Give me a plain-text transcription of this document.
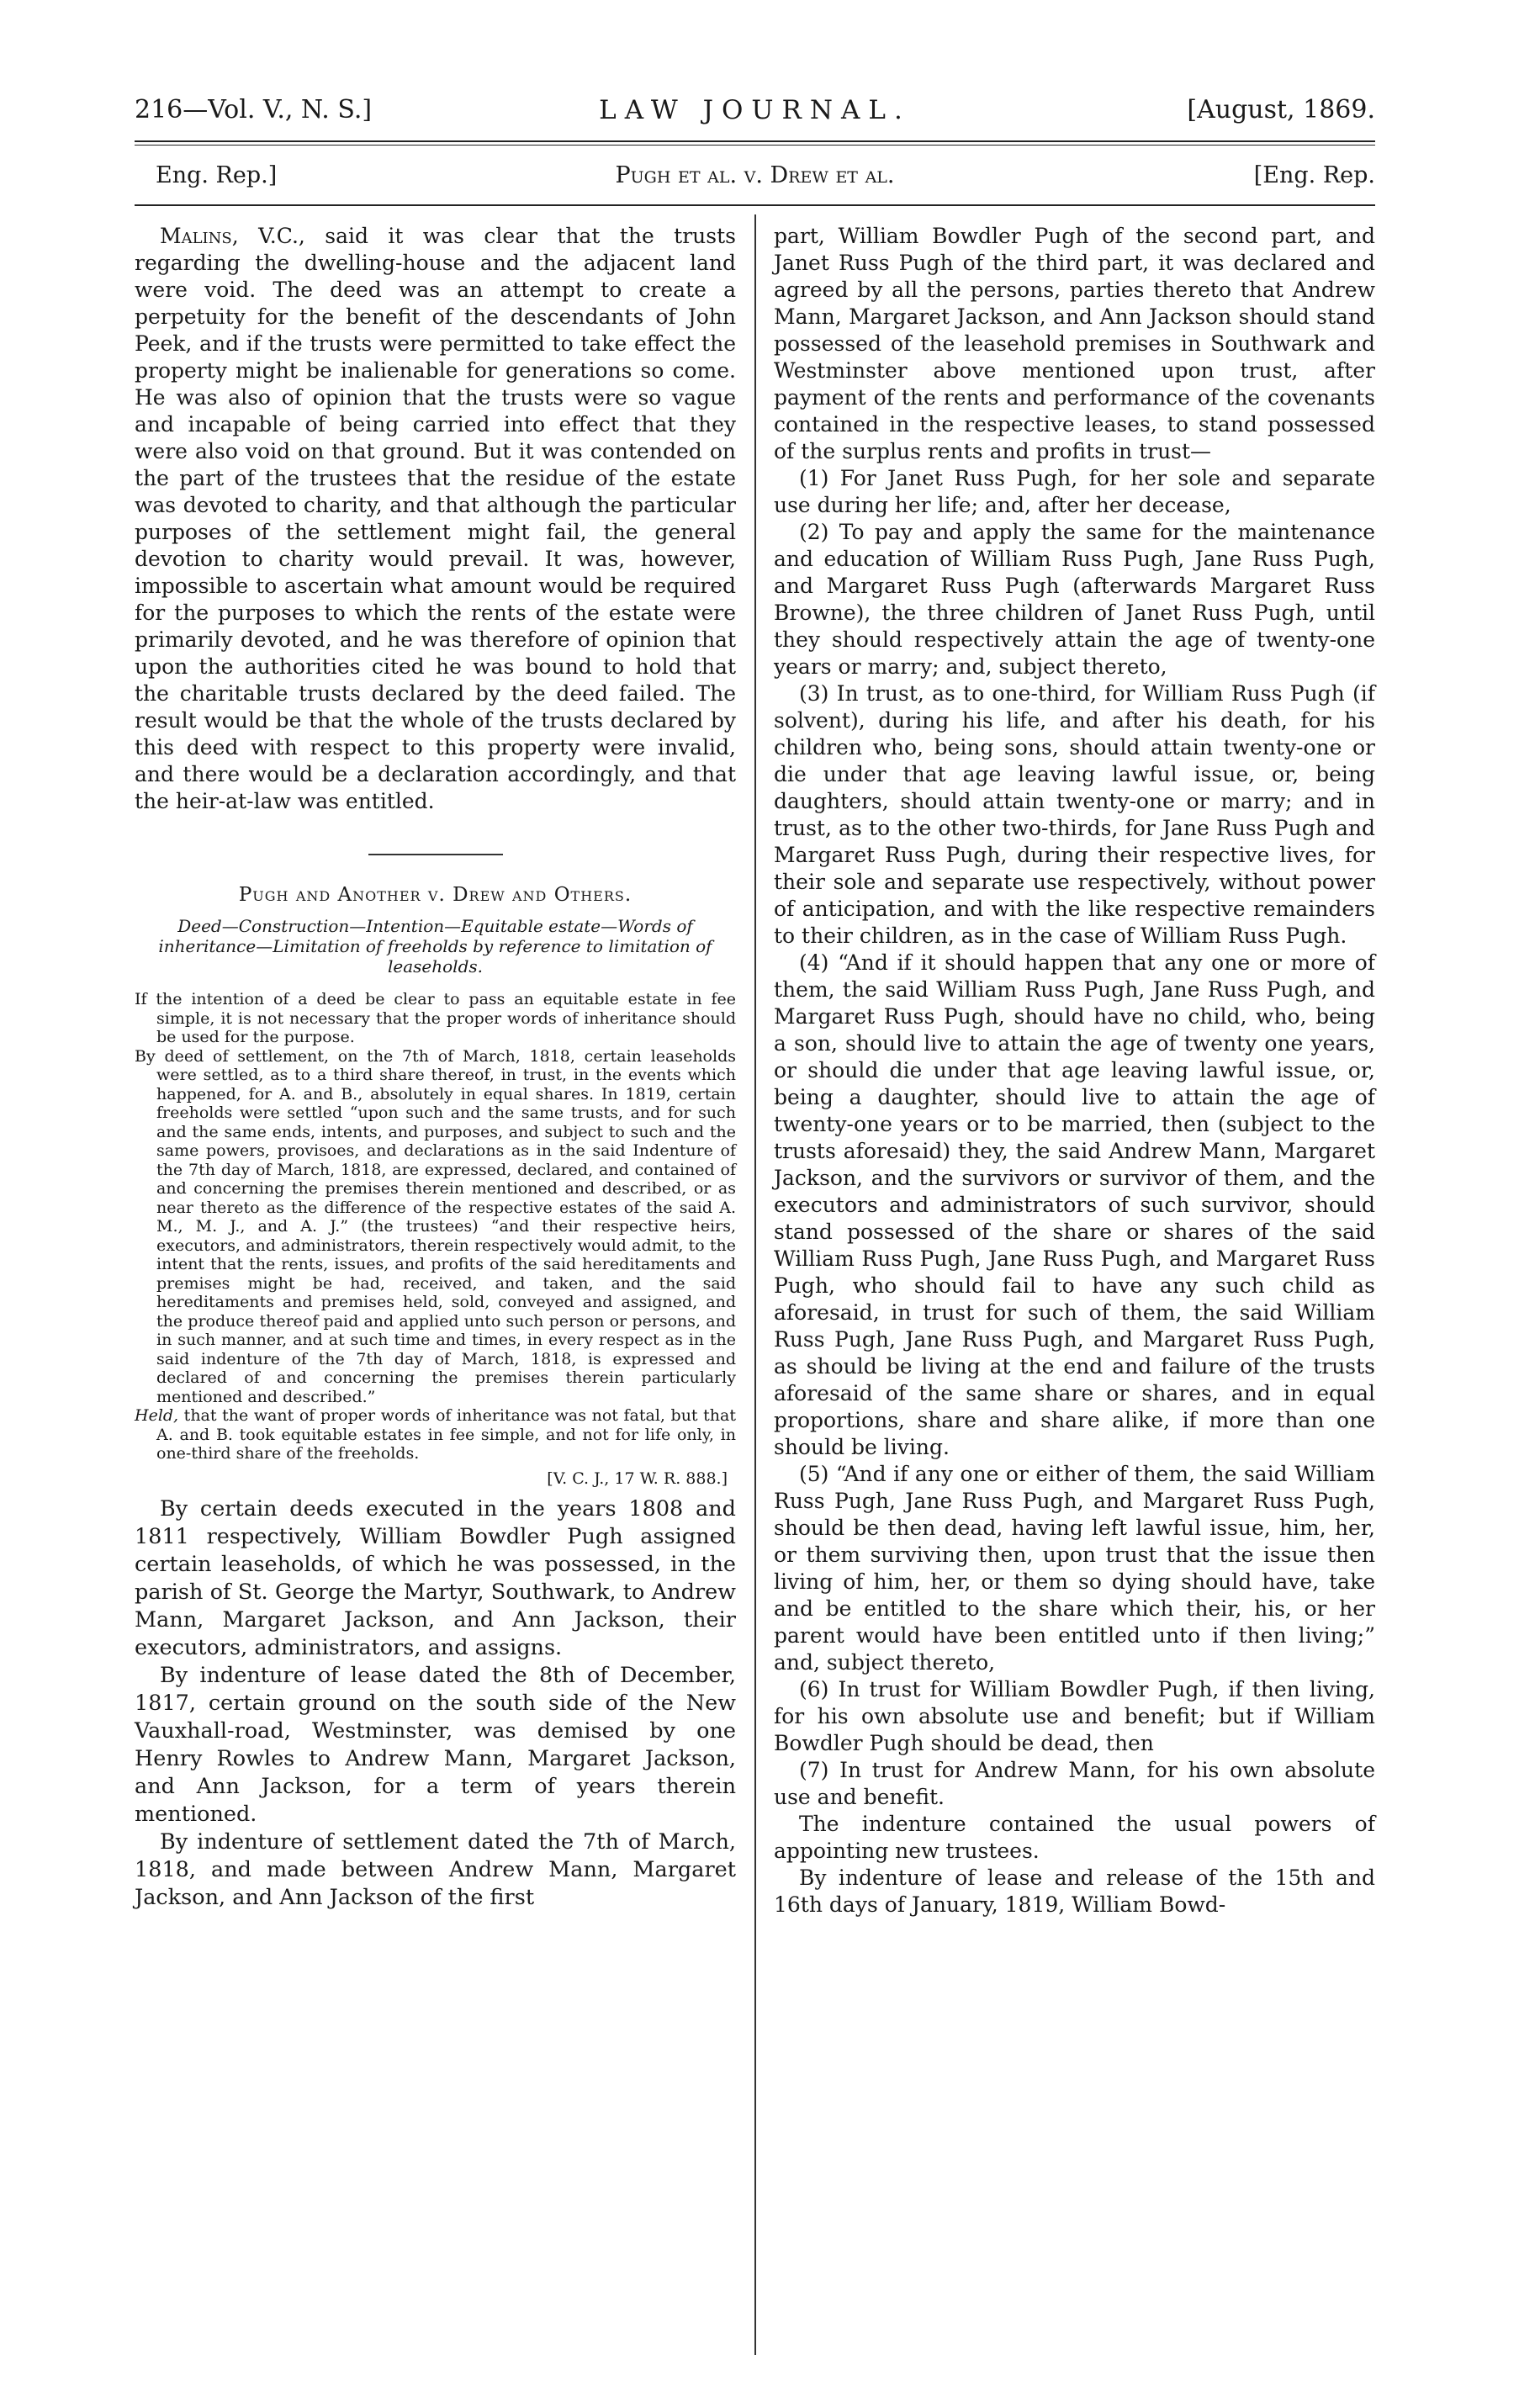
216—Vol. V., N. S.]	LAW JOURNAL.	[August, 1869.
Eng. Rep.]	Pugh et al. v. Drew et al.	[Eng. Rep.

Malins, V.C., said it was clear that the trusts regarding the dwelling-house and the adjacent land were void. The deed was an attempt to create a perpetuity for the benefit of the descendants of John Peek, and if the trusts were permitted to take effect the property might be inalienable for generations so come. He was also of opinion that the trusts were so vague and incapable of being carried into effect that they were also void on that ground. But it was contended on the part of the trustees that the residue of the estate was devoted to charity, and that although the particular purposes of the settlement might fail, the general devotion to charity would prevail. It was, however, impossible to ascertain what amount would be required for the purposes to which the rents of the estate were primarily devoted, and he was therefore of opinion that upon the authorities cited he was bound to hold that the charitable trusts declared by the deed failed. The result would be that the whole of the trusts declared by this deed with respect to this property were invalid, and there would be a declaration accordingly, and that the heir-at-law was entitled.

Pugh and Another v. Drew and Others.
Deed—Construction—Intention—Equitable estate—Words of inheritance—Limitation of freeholds by reference to limitation of leaseholds.

If the intention of a deed be clear to pass an equitable estate in fee simple, it is not necessary that the proper words of inheritance should be used for the purpose.

By deed of settlement, on the 7th of March, 1818, certain leaseholds were settled, as to a third share thereof, in trust, in the events which happened, for A. and B., absolutely in equal shares. In 1819, certain freeholds were settled “upon such and the same trusts, and for such and the same ends, intents, and purposes, and subject to such and the same powers, provisoes, and declarations as in the said Indenture of the 7th day of March, 1818, are expressed, declared, and contained of and concerning the premises therein mentioned and described, or as near thereto as the difference of the respective estates of the said A. M., M. J., and A. J.” (the trustees) “and their respective heirs, executors, and administrators, therein respectively would admit, to the intent that the rents, issues, and profits of the said hereditaments and premises might be had, received, and taken, and the said hereditaments and premises held, sold, conveyed and assigned, and the produce thereof paid and applied unto such person or persons, and in such manner, and at such time and times, in every respect as in the said indenture of the 7th day of March, 1818, is expressed and declared of and concerning the premises therein particularly mentioned and described.”

Held, that the want of proper words of inheritance was not fatal, but that A. and B. took equitable estates in fee simple, and not for life only, in one-third share of the freeholds.

[V. C. J., 17 W. R. 888.]

By certain deeds executed in the years 1808 and 1811 respectively, William Bowdler Pugh assigned certain leaseholds, of which he was possessed, in the parish of St. George the Martyr, Southwark, to Andrew Mann, Margaret Jackson, and Ann Jackson, their executors, administrators, and assigns.

By indenture of lease dated the 8th of December, 1817, certain ground on the south side of the New Vauxhall-road, Westminster, was demised by one Henry Rowles to Andrew Mann, Margaret Jackson, and Ann Jackson, for a term of years therein mentioned.

By indenture of settlement dated the 7th of March, 1818, and made between Andrew Mann, Margaret Jackson, and Ann Jackson of the first

part, William Bowdler Pugh of the second part, and Janet Russ Pugh of the third part, it was declared and agreed by all the persons, parties thereto that Andrew Mann, Margaret Jackson, and Ann Jackson should stand possessed of the leasehold premises in Southwark and Westminster above mentioned upon trust, after payment of the rents and performance of the covenants contained in the respective leases, to stand possessed of the surplus rents and profits in trust—

(1) For Janet Russ Pugh, for her sole and separate use during her life; and, after her decease,

(2) To pay and apply the same for the maintenance and education of William Russ Pugh, Jane Russ Pugh, and Margaret Russ Pugh (afterwards Margaret Russ Browne), the three children of Janet Russ Pugh, until they should respectively attain the age of twenty-one years or marry; and, subject thereto,

(3) In trust, as to one-third, for William Russ Pugh (if solvent), during his life, and after his death, for his children who, being sons, should attain twenty-one or die under that age leaving lawful issue, or, being daughters, should attain twenty-one or marry; and in trust, as to the other two-thirds, for Jane Russ Pugh and Margaret Russ Pugh, during their respective lives, for their sole and separate use respectively, without power of anticipation, and with the like respective remainders to their children, as in the case of William Russ Pugh.

(4) “And if it should happen that any one or more of them, the said William Russ Pugh, Jane Russ Pugh, and Margaret Russ Pugh, should have no child, who, being a son, should live to attain the age of twenty one years, or should die under that age leaving lawful issue, or, being a daughter, should live to attain the age of twenty-one years or to be married, then (subject to the trusts aforesaid) they, the said Andrew Mann, Margaret Jackson, and the survivors or survivor of them, and the executors and administrators of such survivor, should stand possessed of the share or shares of the said William Russ Pugh, Jane Russ Pugh, and Margaret Russ Pugh, who should fail to have any such child as aforesaid, in trust for such of them, the said William Russ Pugh, Jane Russ Pugh, and Margaret Russ Pugh, as should be living at the end and failure of the trusts aforesaid of the same share or shares, and in equal proportions, share and share alike, if more than one should be living.

(5) “And if any one or either of them, the said William Russ Pugh, Jane Russ Pugh, and Margaret Russ Pugh, should be then dead, having left lawful issue, him, her, or them surviving then, upon trust that the issue then living of him, her, or them so dying should have, take and be entitled to the share which their, his, or her parent would have been entitled unto if then living;” and, subject thereto,

(6) In trust for William Bowdler Pugh, if then living, for his own absolute use and benefit; but if William Bowdler Pugh should be dead, then

(7) In trust for Andrew Mann, for his own absolute use and benefit.

The indenture contained the usual powers of appointing new trustees.

By indenture of lease and release of the 15th and 16th days of January, 1819, William Bowd-
